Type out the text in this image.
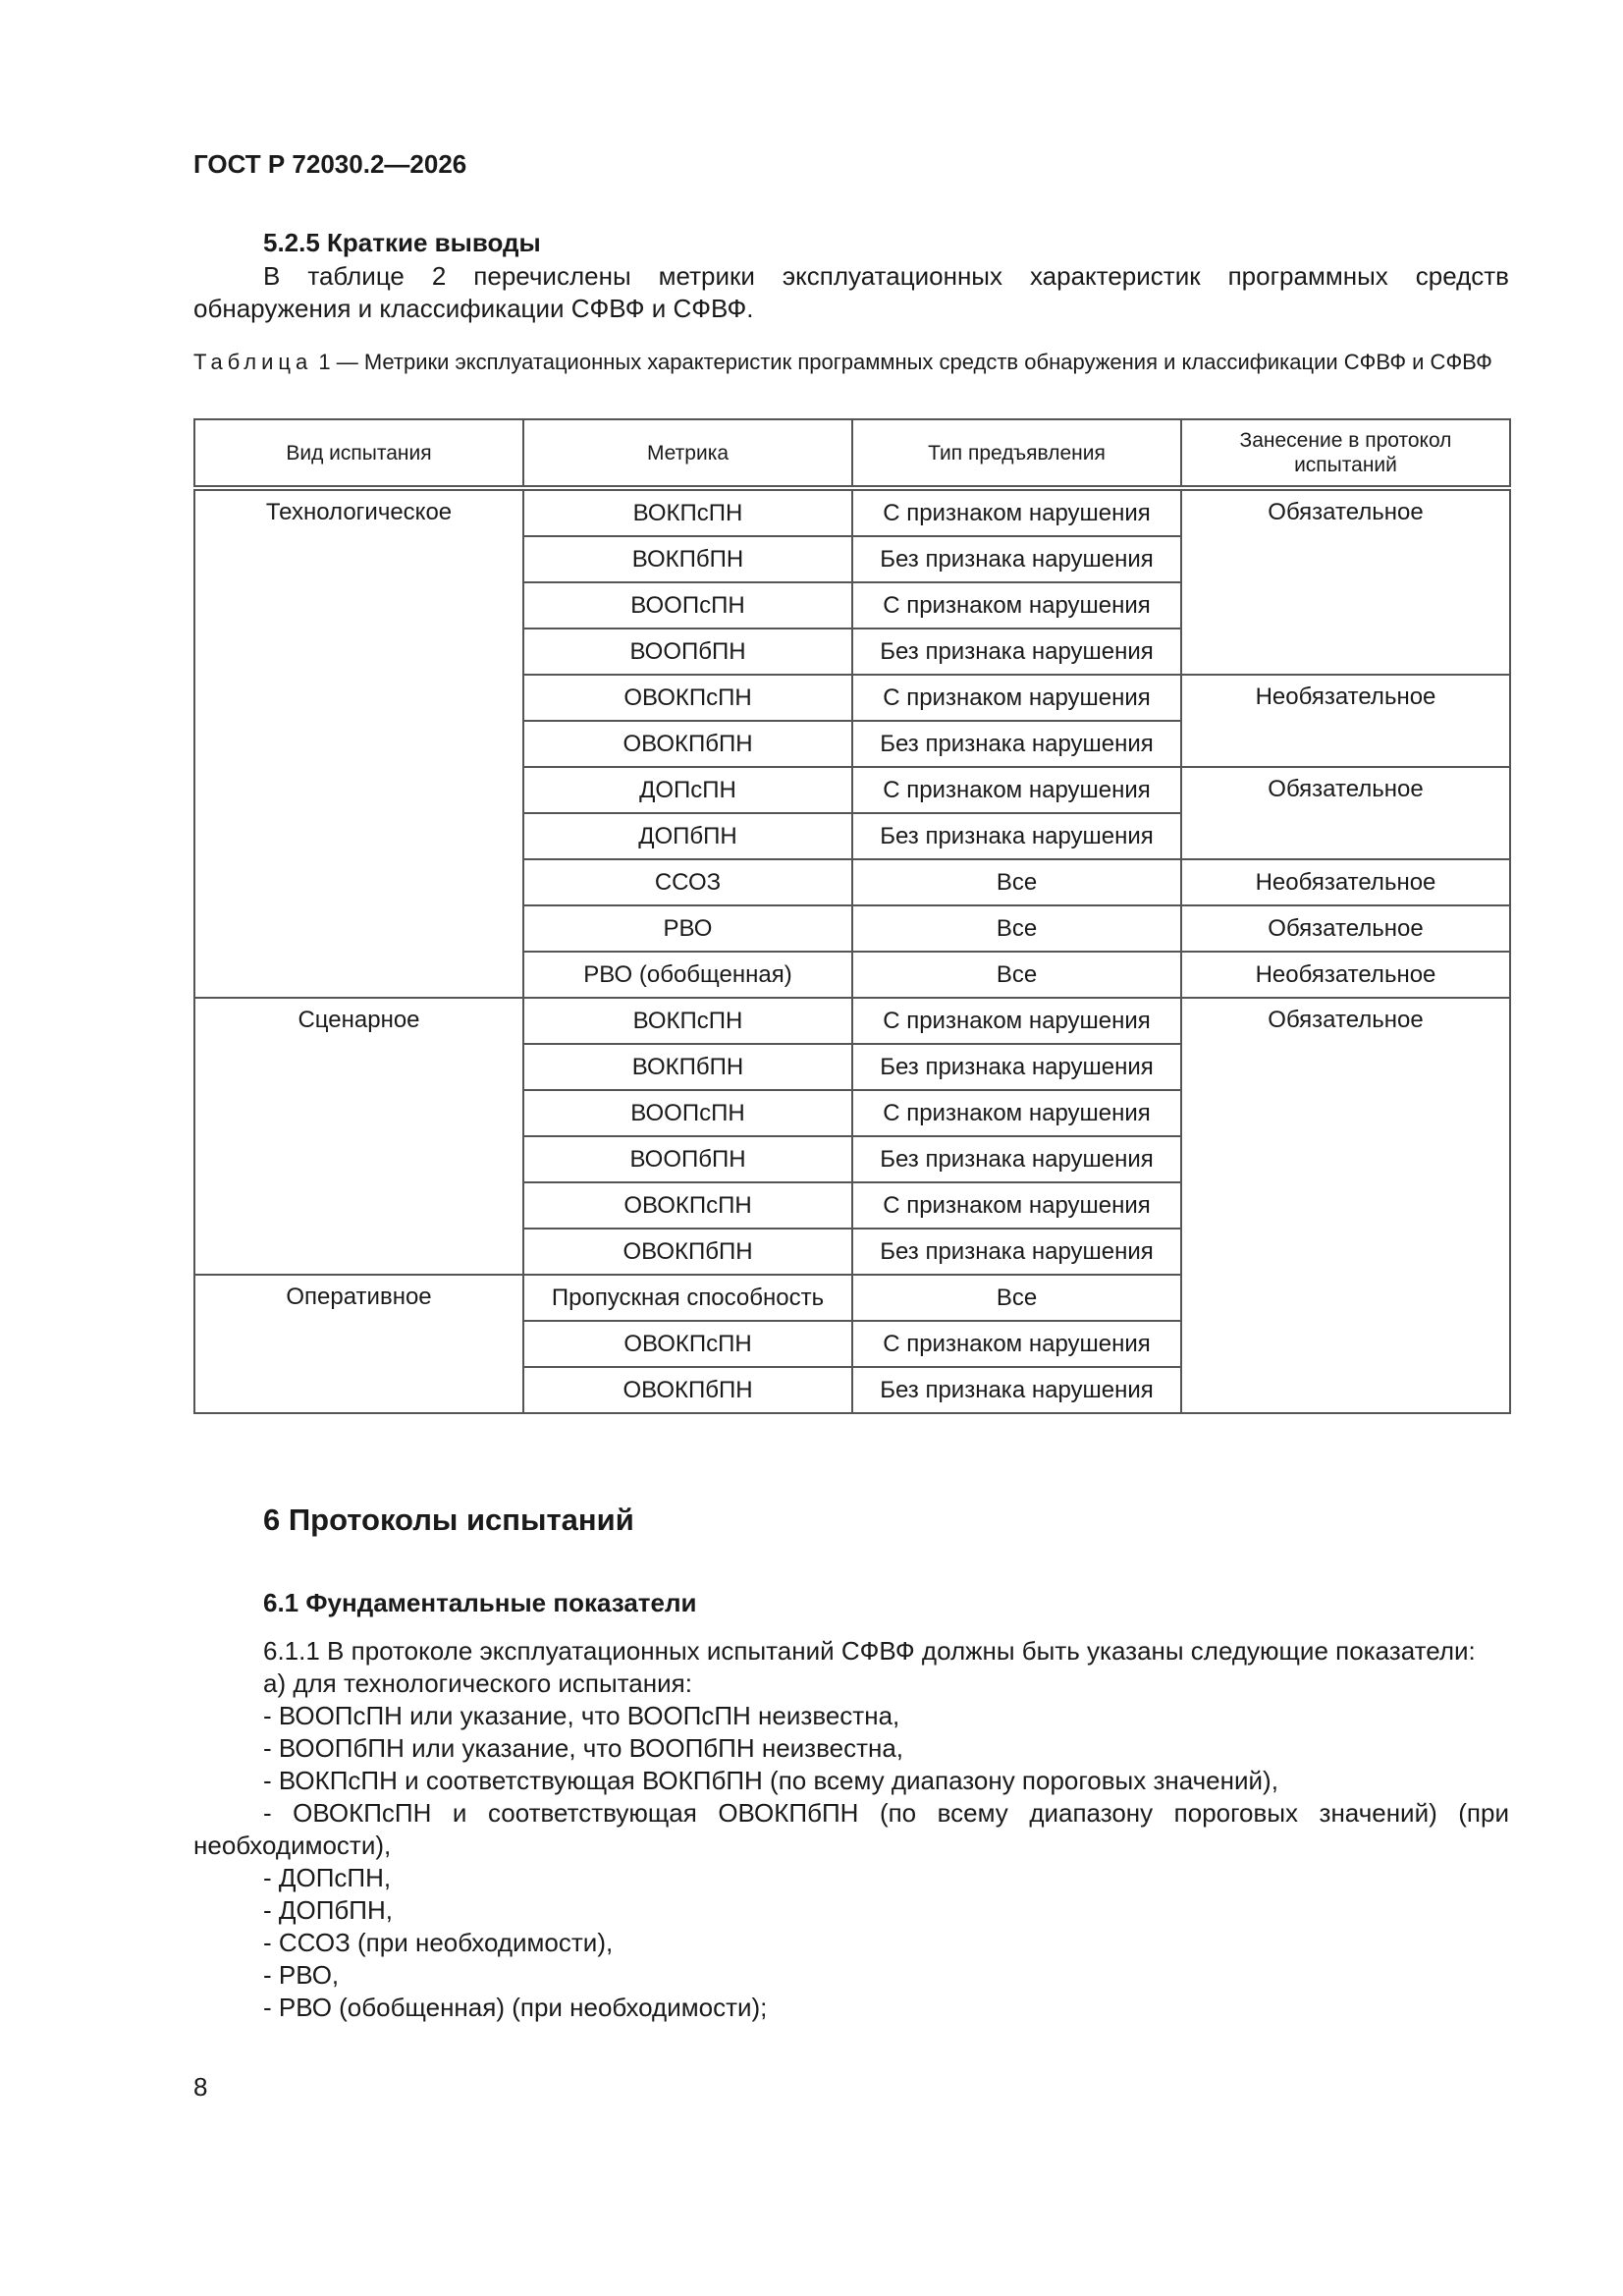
ГОСТ Р 72030.2—2026
5.2.5 Краткие выводы
В таблице 2 перечислены метрики эксплуатационных характеристик программных средств обнаружения и классификации СФВФ и СФВФ.
Таблица 1 — Метрики эксплуатационных характеристик программных средств обнаружения и классификации СФВФ и СФВФ
Вид испытания	Метрика	Тип предъявления	Занесение в протокол испытаний
Технологическое	ВОКПсПН	С признаком нарушения	Обязательное
	ВОКПбПН	Без признака нарушения	
	ВООПсПН	С признаком нарушения	
	ВООПбПН	Без признака нарушения	
	ОВОКПсПН	С признаком нарушения	Необязательное
	ОВОКПбПН	Без признака нарушения	
	ДОПсПН	С признаком нарушения	Обязательное
	ДОПбПН	Без признака нарушения	
	ССОЗ	Все	Необязательное
	РВО	Все	Обязательное
	РВО (обобщенная)	Все	Необязательное
Сценарное	ВОКПсПН	С признаком нарушения	Обязательное
	ВОКПбПН	Без признака нарушения	
	ВООПсПН	С признаком нарушения	
	ВООПбПН	Без признака нарушения	
	ОВОКПсПН	С признаком нарушения	
	ОВОКПбПН	Без признака нарушения	
Оперативное	Пропускная способность	Все	
	ОВОКПсПН	С признаком нарушения	
	ОВОКПбПН	Без признака нарушения	
6 Протоколы испытаний
6.1 Фундаментальные показатели
6.1.1 В протоколе эксплуатационных испытаний СФВФ должны быть указаны следующие показатели:
а) для технологического испытания:
- ВООПсПН или указание, что ВООПсПН неизвестна,
- ВООПбПН или указание, что ВООПбПН неизвестна,
- ВОКПсПН и соответствующая ВОКПбПН (по всему диапазону пороговых значений),
- ОВОКПсПН и соответствующая ОВОКПбПН (по всему диапазону пороговых значений) (при необходимости),
- ДОПсПН,
- ДОПбПН,
- ССОЗ (при необходимости),
- РВО,
- РВО (обобщенная) (при необходимости);
8
